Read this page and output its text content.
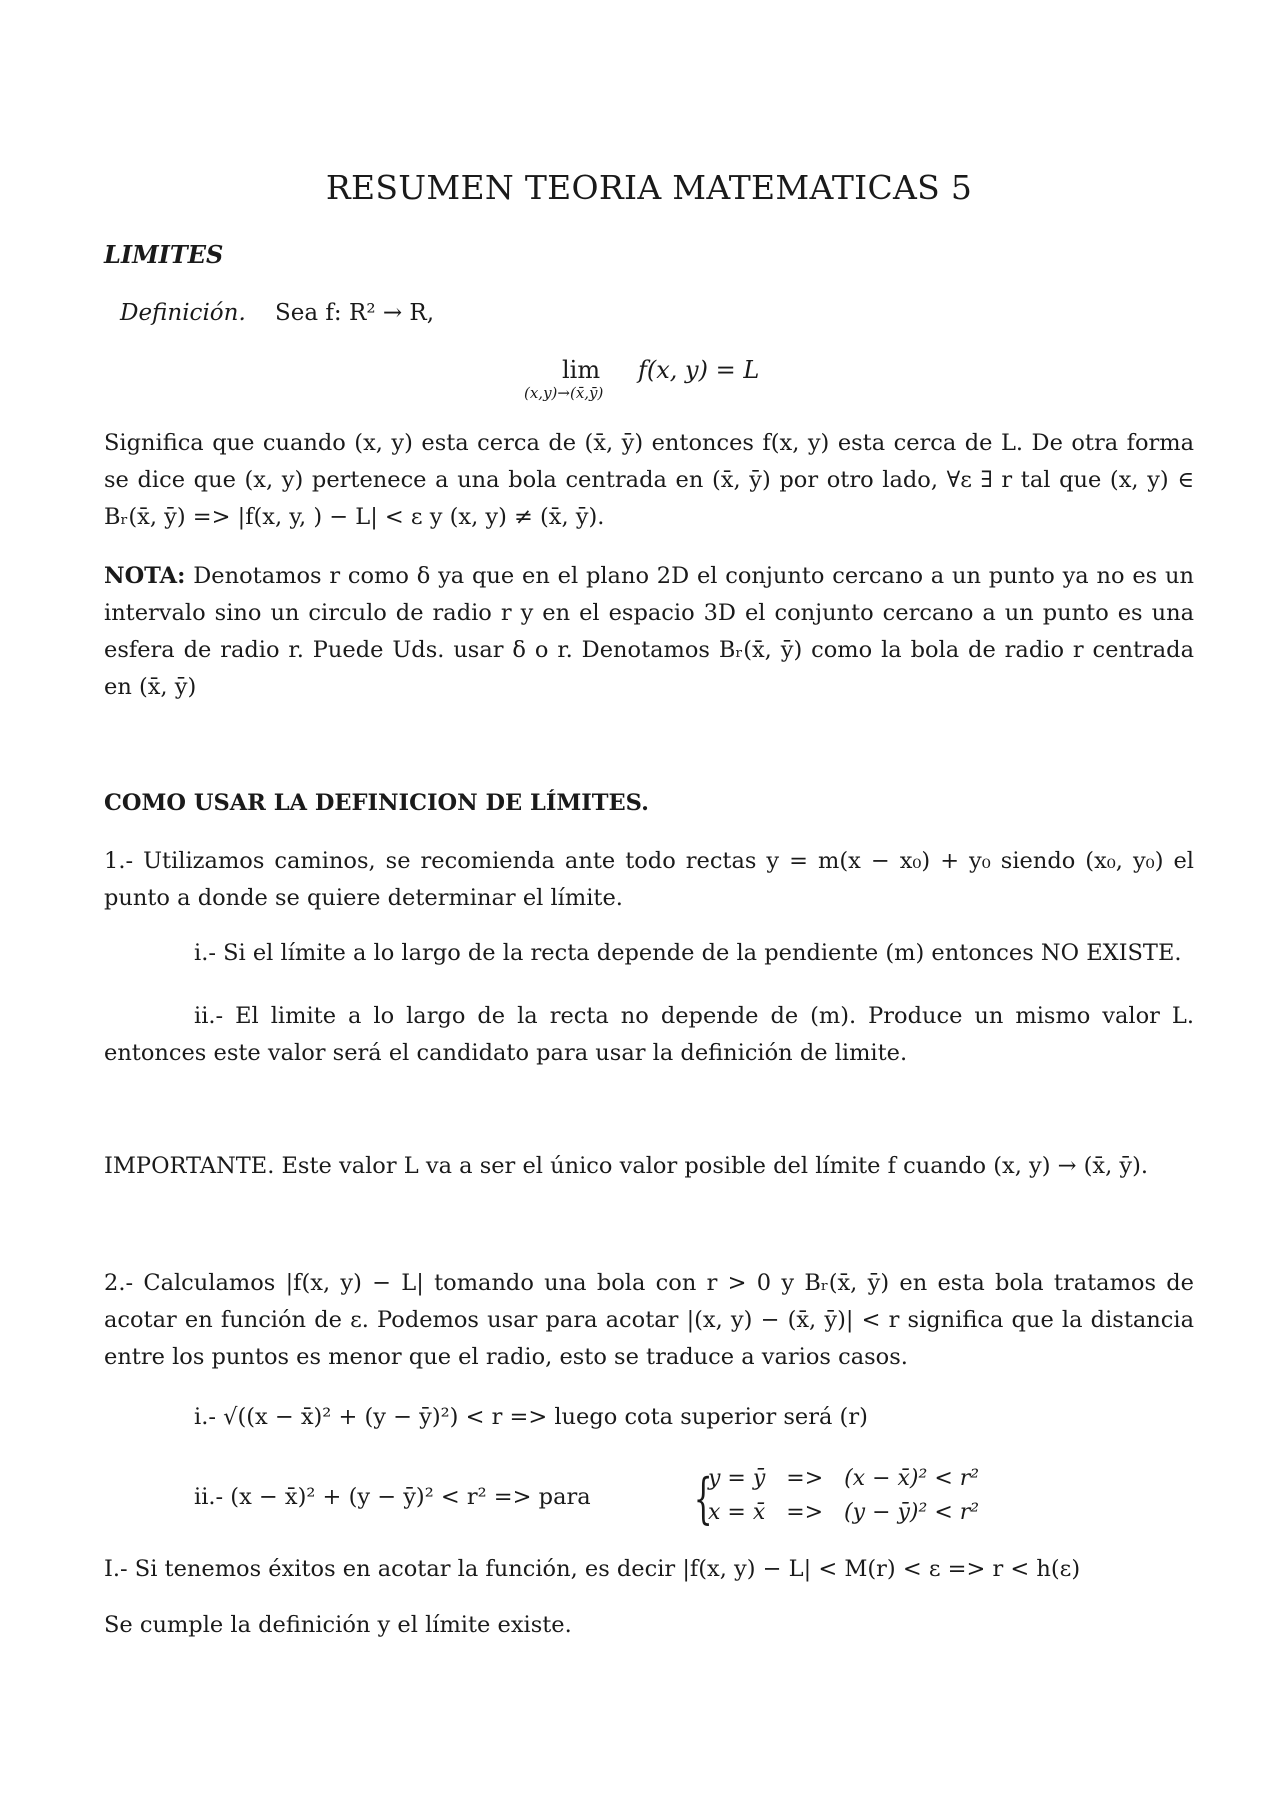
RESUMEN TEORIA MATEMATICAS 5
LIMITES
Definición. Sea f: R² → R,
lim
(x,y)→(x̄,ȳ)
f(x, y) = L
Significa que cuando (x, y) esta cerca de (x̄, ȳ) entonces f(x, y) esta cerca de L. De otra forma se dice que (x, y) pertenece a una bola centrada en (x̄, ȳ) por otro lado, ∀ε ∃ r tal que (x, y) ∈ Bᵣ(x̄, ȳ) => |f(x, y, ) − L| < ε y (x, y) ≠ (x̄, ȳ).
NOTA: Denotamos r como δ ya que en el plano 2D el conjunto cercano a un punto ya no es un intervalo sino un circulo de radio r y en el espacio 3D el conjunto cercano a un punto es una esfera de radio r. Puede Uds. usar δ o r. Denotamos Bᵣ(x̄, ȳ) como la bola de radio r centrada en (x̄, ȳ)
COMO USAR LA DEFINICION DE LÍMITES.
1.- Utilizamos caminos, se recomienda ante todo rectas y = m(x − x₀) + y₀ siendo (x₀, y₀) el punto a donde se quiere determinar el límite.
i.- Si el límite a lo largo de la recta depende de la pendiente (m) entonces NO EXISTE.
ii.- El limite a lo largo de la recta no depende de (m). Produce un mismo valor L. entonces este valor será el candidato para usar la definición de limite.
IMPORTANTE. Este valor L va a ser el único valor posible del límite f cuando (x, y) → (x̄, ȳ).
2.- Calculamos |f(x, y) − L| tomando una bola con r > 0 y Bᵣ(x̄, ȳ) en esta bola tratamos de acotar en función de ε. Podemos usar para acotar |(x, y) − (x̄, ȳ)| < r significa que la distancia entre los puntos es menor que el radio, esto se traduce a varios casos.
i.- √((x − x̄)² + (y − ȳ)²) < r => luego cota superior será (r)
ii.- (x − x̄)² + (y − ȳ)² < r² => para {
y = ȳ   =>   (x − x̄)² < r²
x = x̄   =>   (y − ȳ)² < r²
I.- Si tenemos éxitos en acotar la función, es decir |f(x, y) − L| < M(r) < ε => r < h(ε)
Se cumple la definición y el límite existe.
